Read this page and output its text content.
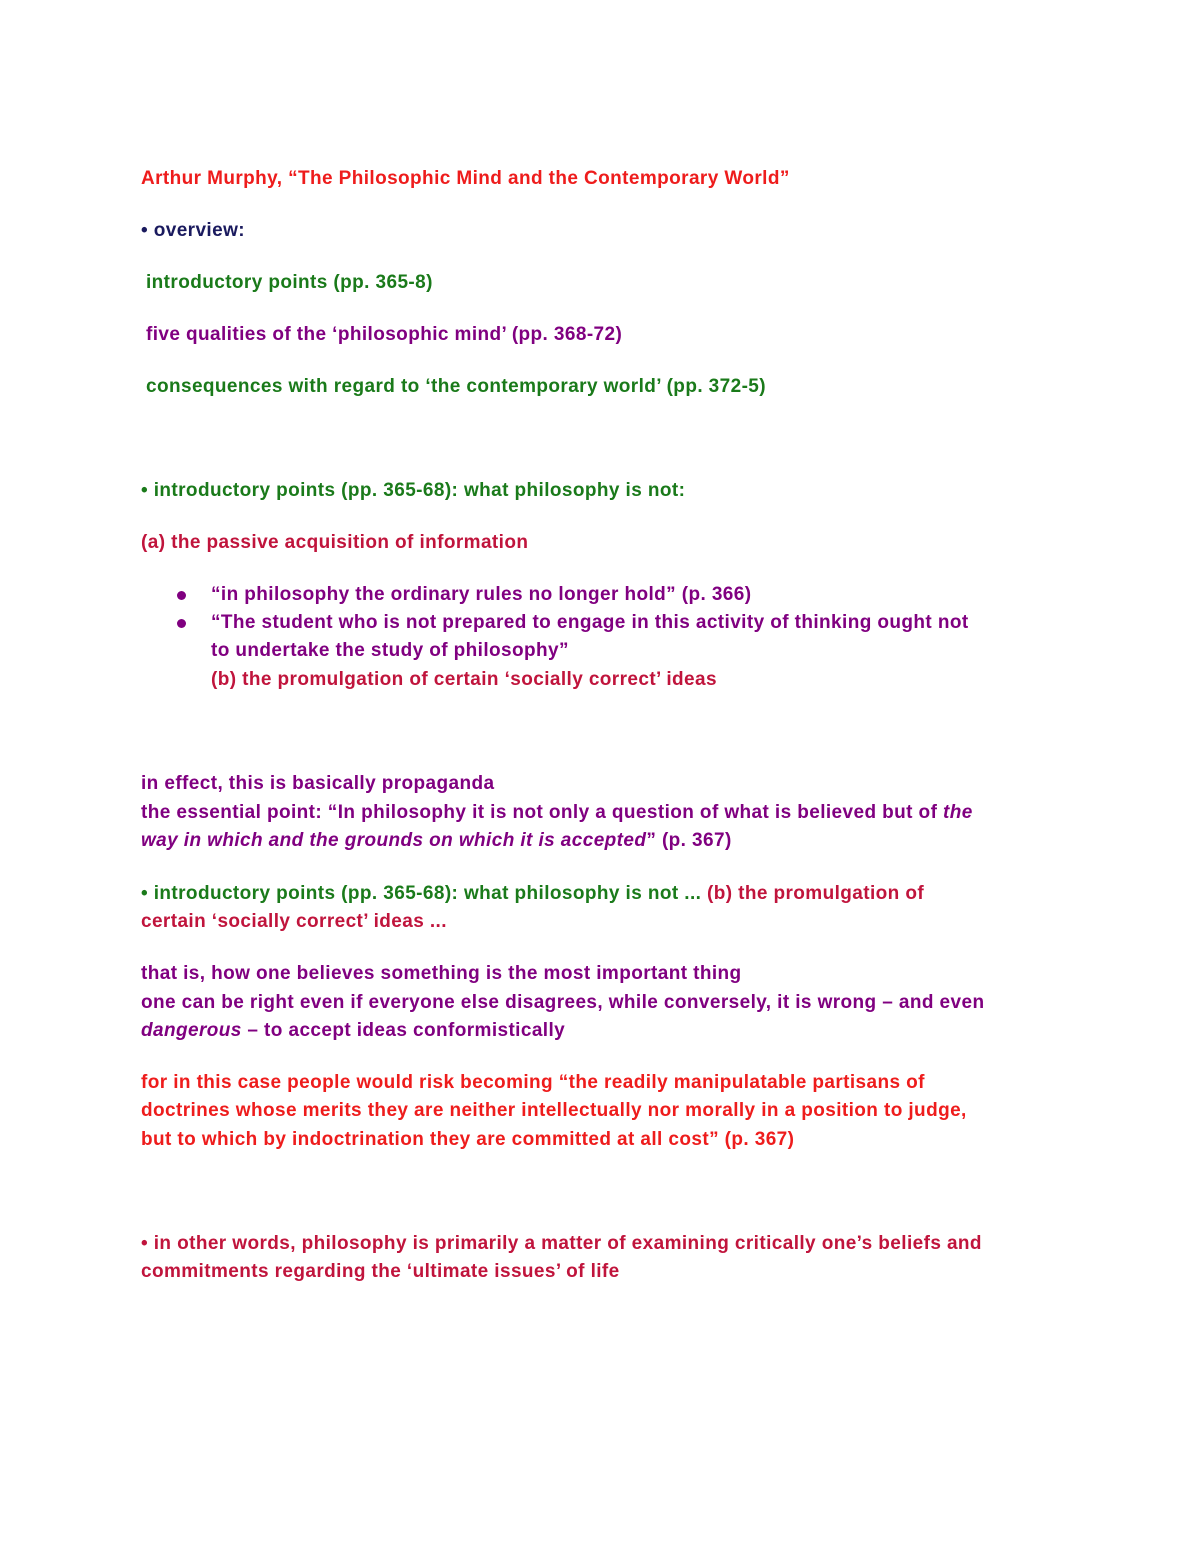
Arthur Murphy, “The Philosophic Mind and the Contemporary World”

• overview:

introductory points (pp. 365-8)

five qualities of the ‘philosophic mind’ (pp. 368-72)

consequences with regard to ‘the contemporary world’ (pp. 372-5)

• introductory points (pp. 365-68): what philosophy is not:

(a) the passive acquisition of information

“in philosophy the ordinary rules no longer hold” (p. 366)

“The student who is not prepared to engage in this activity of thinking ought not

to undertake the study of philosophy”

(b) the promulgation of certain ‘socially correct’ ideas

in effect, this is basically propaganda

the essential point: “In philosophy it is not only a question of what is believed but of the

way in which and the grounds on which it is accepted” (p. 367)

• introductory points (pp. 365-68): what philosophy is not ... (b) the promulgation of

certain ‘socially correct’ ideas ...

that is, how one believes something is the most important thing

one can be right even if everyone else disagrees, while conversely, it is wrong – and even

dangerous – to accept ideas conformistically

for in this case people would risk becoming “the readily manipulatable partisans of

doctrines whose merits they are neither intellectually nor morally in a position to judge,

but to which by indoctrination they are committed at all cost” (p. 367)

• in other words, philosophy is primarily a matter of examining critically one’s beliefs and

commitments regarding the ‘ultimate issues’ of life
